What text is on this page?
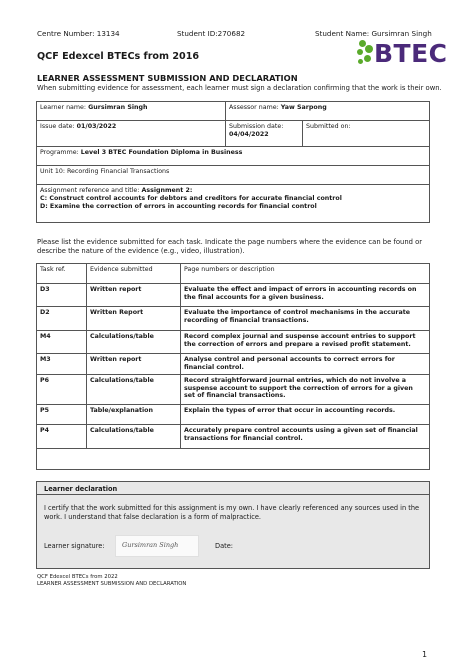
Centre Number: 13134	Student ID:270682	Student Name: Gursimran Singh
BTEC
QCF Edexcel BTECs from 2016
LEARNER ASSESSMENT SUBMISSION AND DECLARATION
When submitting evidence for assessment, each learner must sign a declaration confirming that the work is their own.
Learner name: Gursimran Singh	Assessor name: Yaw Sarpong	
Issue date: 01/03/2022	Submission date: 04/04/2022	Submitted on:
Programme: Level 3 BTEC Foundation Diploma in Business		
Unit 10: Recording Financial Transactions		

Assignment reference and title: Assignment 2:
C: Construct control accounts for debtors and creditors for accurate financial control
D: Examine the correction of errors in accounting records for financial control		
Please list the evidence submitted for each task. Indicate the page numbers where the evidence can be found or describe the nature of the evidence (e.g., video, illustration).
Task ref.	Evidence submitted	Page numbers or description
D3	Written report	Evaluate the effect and impact of errors in accounting records on the final accounts for a given business.
D2	Written Report	Evaluate the importance of control mechanisms in the accurate recording of financial transactions.
M4	Calculations/table	Record complex journal and suspense account entries to support the correction of errors and prepare a revised profit statement.
M3	Written report	Analyse control and personal accounts to correct errors for financial control.
P6	Calculations/table	Record straightforward journal entries, which do not involve a suspense account to support the correction of errors for a given set of financial transactions.
P5	Table/explanation	Explain the types of error that occur in accounting records.
P4	Calculations/table	Accurately prepare control accounts using a given set of financial transactions for financial control.

Learner declaration
I certify that the work submitted for this assignment is my own. I have clearly referenced any sources used in the work. I understand that false declaration is a form of malpractice.
Learner signature:	Date:
Gursimran Singh
QCF Edexcel BTECs from 2022
LEARNER ASSESSMENT SUBMISSION AND DECLARATION
1
